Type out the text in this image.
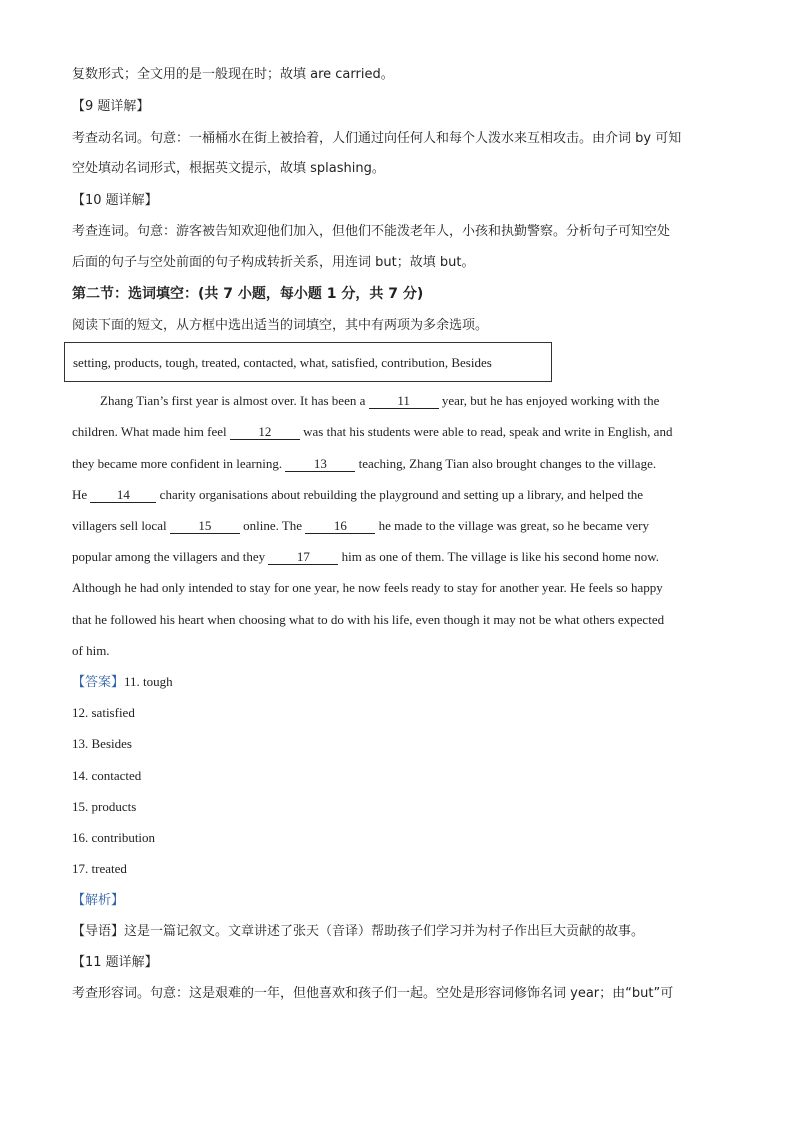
复数形式；全文用的是一般现在时；故填 are carried。
【9 题详解】
考查动名词。句意：一桶桶水在街上被拾着，人们通过向任何人和每个人泼水来互相攻击。由介词 by 可知
空处填动名词形式，根据英文提示，故填 splashing。
【10 题详解】
考查连词。句意：游客被告知欢迎他们加入，但他们不能泼老年人，小孩和执勤警察。分析句子可知空处
后面的句子与空处前面的句子构成转折关系，用连词 but；故填 but。
第二节：选词填空：(共 7 小题，每小题 1 分，共 7 分)
阅读下面的短文，从方框中选出适当的词填空，其中有两项为多余选项。
setting, products, tough, treated, contacted, what, satisfied, contribution, Besides
Zhang Tian’s first year is almost over. It has been a 11 year, but he has enjoyed working with the
children. What made him feel 12 was that his students were able to read, speak and write in English, and
they became more confident in learning. 13 teaching, Zhang Tian also brought changes to the village.
He 14 charity organisations about rebuilding the playground and setting up a library, and helped the
villagers sell local 15 online. The 16 he made to the village was great, so he became very
popular among the villagers and they 17 him as one of them. The village is like his second home now.
Although he had only intended to stay for one year, he now feels ready to stay for another year. He feels so happy
that he followed his heart when choosing what to do with his life, even though it may not be what others expected
of him.
【答案】11. tough
12. satisfied
13. Besides
14. contacted
15. products
16. contribution
17. treated
【解析】
【导语】这是一篇记叙文。文章讲述了张天（音译）帮助孩子们学习并为村子作出巨大贡献的故事。
【11 题详解】
考查形容词。句意：这是艰难的一年，但他喜欢和孩子们一起。空处是形容词修饰名词 year；由“but”可
